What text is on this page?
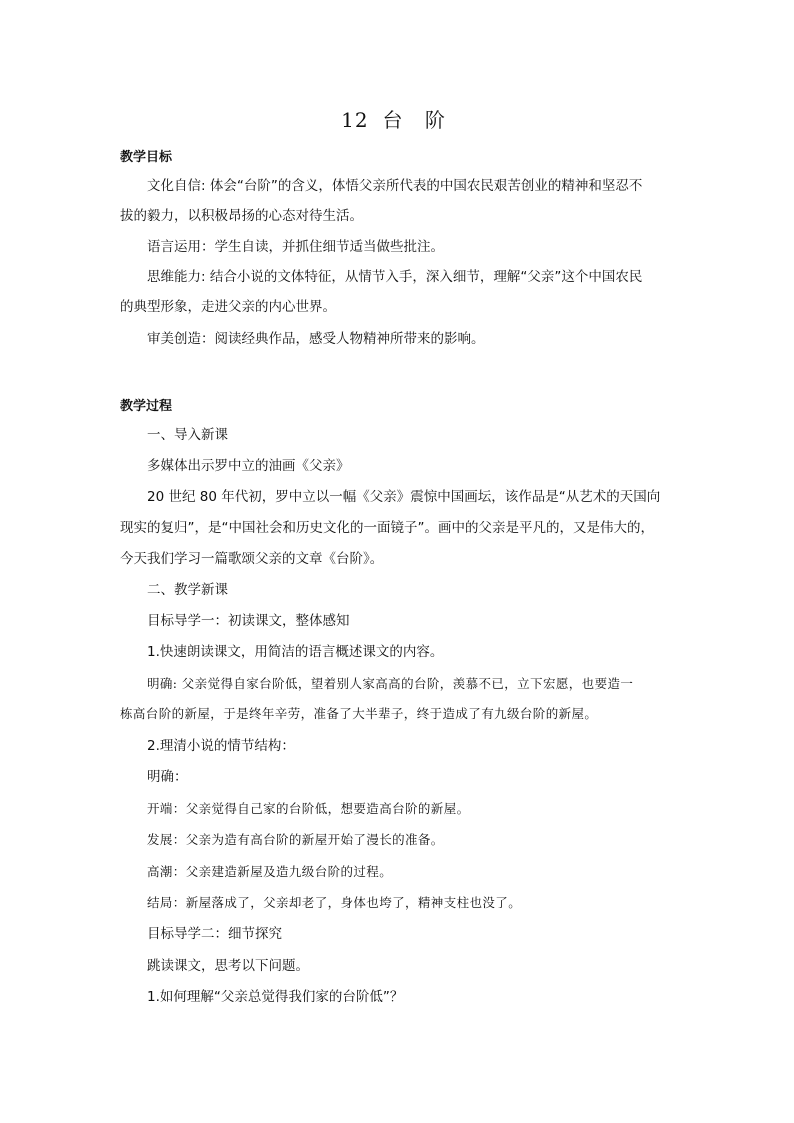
12 台 阶
教学目标
文化自信: 体会“台阶”的含义，体悟父亲所代表的中国农民艰苦创业的精神和坚忍不
拔的毅力，以积极昂扬的心态对待生活。
语言运用：学生自读，并抓住细节适当做些批注。
思维能力: 结合小说的文体特征，从情节入手，深入细节，理解“父亲”这个中国农民
的典型形象，走进父亲的内心世界。
审美创造：阅读经典作品，感受人物精神所带来的影响。
教学过程
一、导入新课
多媒体出示罗中立的油画《父亲》
20 世纪 80 年代初，罗中立以一幅《父亲》震惊中国画坛，该作品是“从艺术的天国向
现实的复归”，是“中国社会和历史文化的一面镜子”。画中的父亲是平凡的，又是伟大的，
今天我们学习一篇歌颂父亲的文章《台阶》。
二、教学新课
目标导学一：初读课文，整体感知
1.快速朗读课文，用简洁的语言概述课文的内容。
明确: 父亲觉得自家台阶低，望着别人家高高的台阶，羡慕不已，立下宏愿，也要造一
栋高台阶的新屋，于是终年辛劳，准备了大半辈子，终于造成了有九级台阶的新屋。
2.理清小说的情节结构：
明确：
开端：父亲觉得自己家的台阶低，想要造高台阶的新屋。
发展：父亲为造有高台阶的新屋开始了漫长的准备。
高潮：父亲建造新屋及造九级台阶的过程。
结局：新屋落成了，父亲却老了，身体也垮了，精神支柱也没了。
目标导学二：细节探究
跳读课文，思考以下问题。
1.如何理解“父亲总觉得我们家的台阶低”？
